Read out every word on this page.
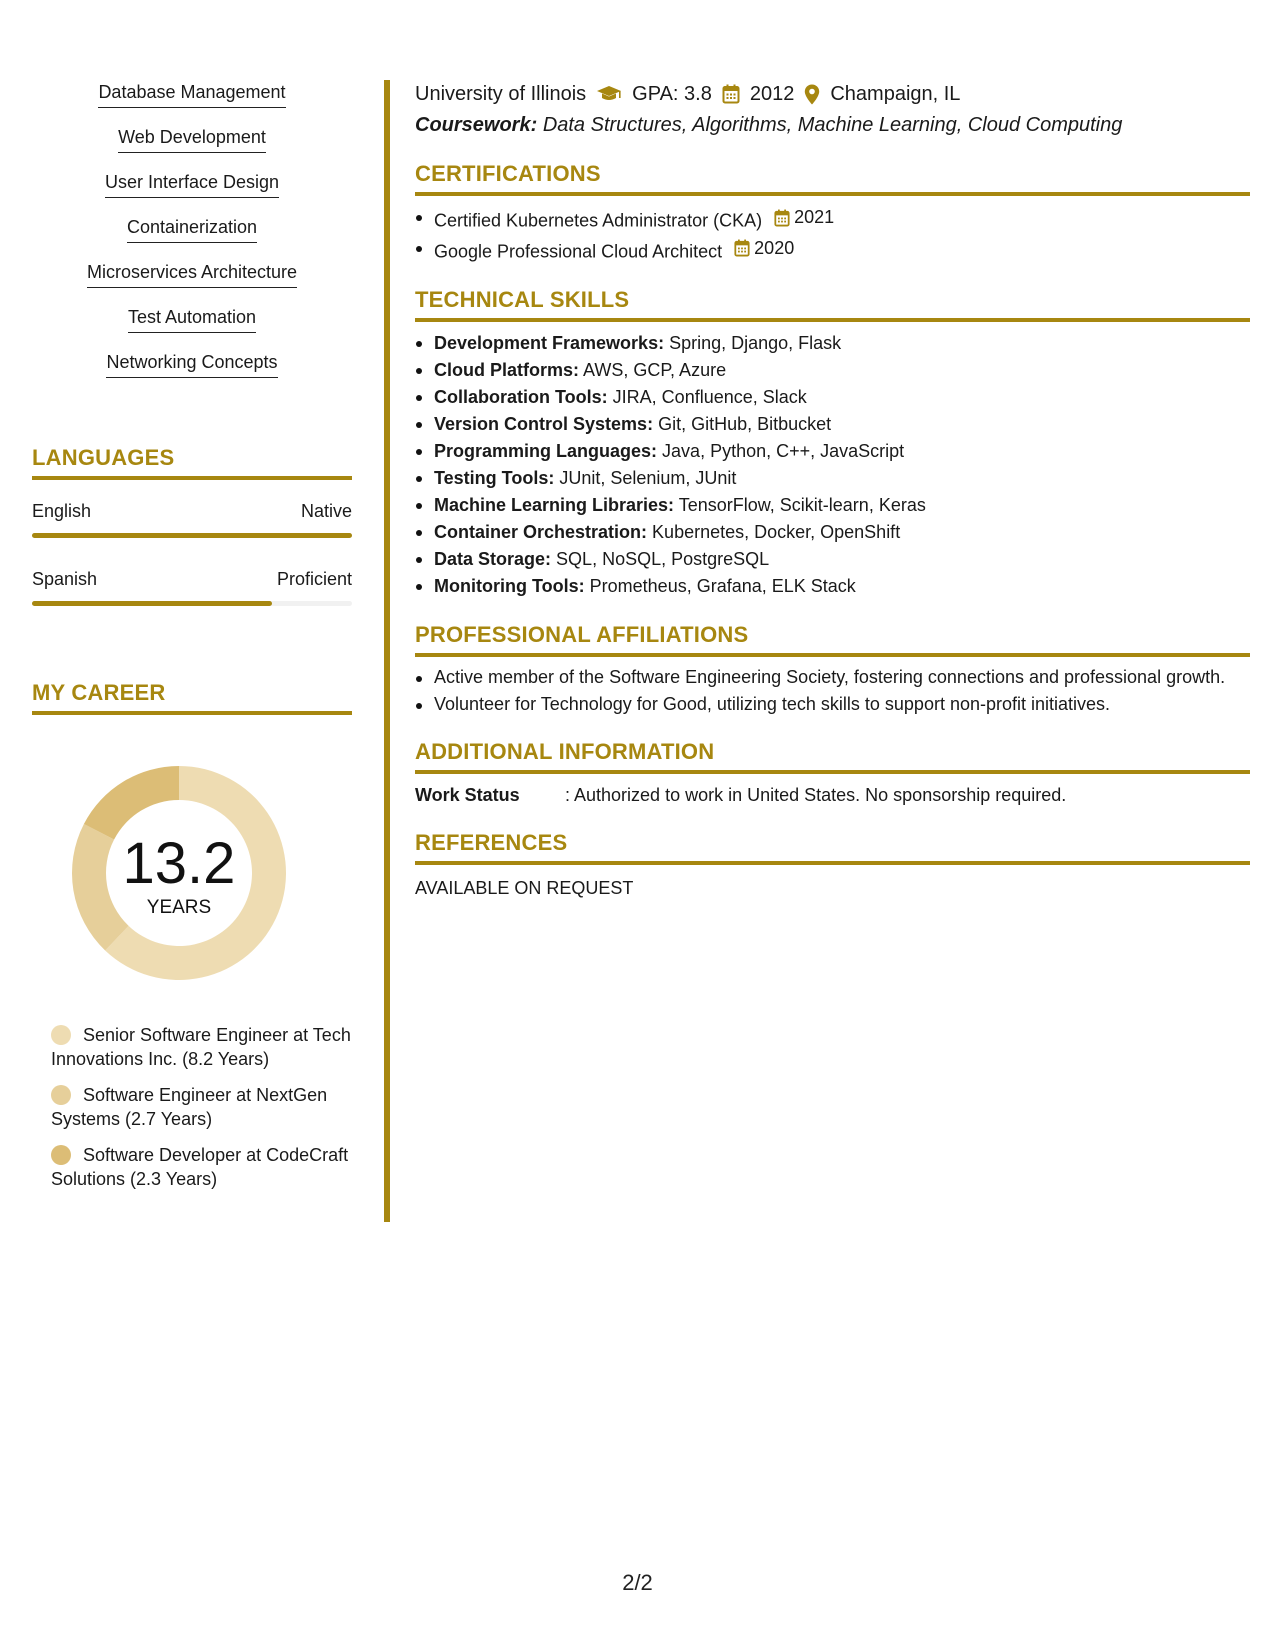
Database Management
Web Development
User Interface Design
Containerization
Microservices Architecture
Test Automation
Networking Concepts
LANGUAGES
English	Native
Spanish	Proficient
MY CAREER
13.2
YEARS
Senior Software Engineer at Tech Innovations Inc. (8.2 Years)
Software Engineer at NextGen Systems (2.7 Years)
Software Developer at CodeCraft Solutions (2.3 Years)
University of Illinois GPA: 3.8 2012 Champaign, IL
Coursework: Data Structures, Algorithms, Machine Learning, Cloud Computing
CERTIFICATIONS
Certified Kubernetes Administrator (CKA) 2021
Google Professional Cloud Architect 2020
TECHNICAL SKILLS
Development Frameworks: Spring, Django, Flask
Cloud Platforms: AWS, GCP, Azure
Collaboration Tools: JIRA, Confluence, Slack
Version Control Systems: Git, GitHub, Bitbucket
Programming Languages: Java, Python, C++, JavaScript
Testing Tools: JUnit, Selenium, JUnit
Machine Learning Libraries: TensorFlow, Scikit-learn, Keras
Container Orchestration: Kubernetes, Docker, OpenShift
Data Storage: SQL, NoSQL, PostgreSQL
Monitoring Tools: Prometheus, Grafana, ELK Stack
PROFESSIONAL AFFILIATIONS
Active member of the Software Engineering Society, fostering connections and professional growth.
Volunteer for Technology for Good, utilizing tech skills to support non-profit initiatives.
ADDITIONAL INFORMATION
Work Status	: Authorized to work in United States. No sponsorship required.
REFERENCES
AVAILABLE ON REQUEST
2/2
